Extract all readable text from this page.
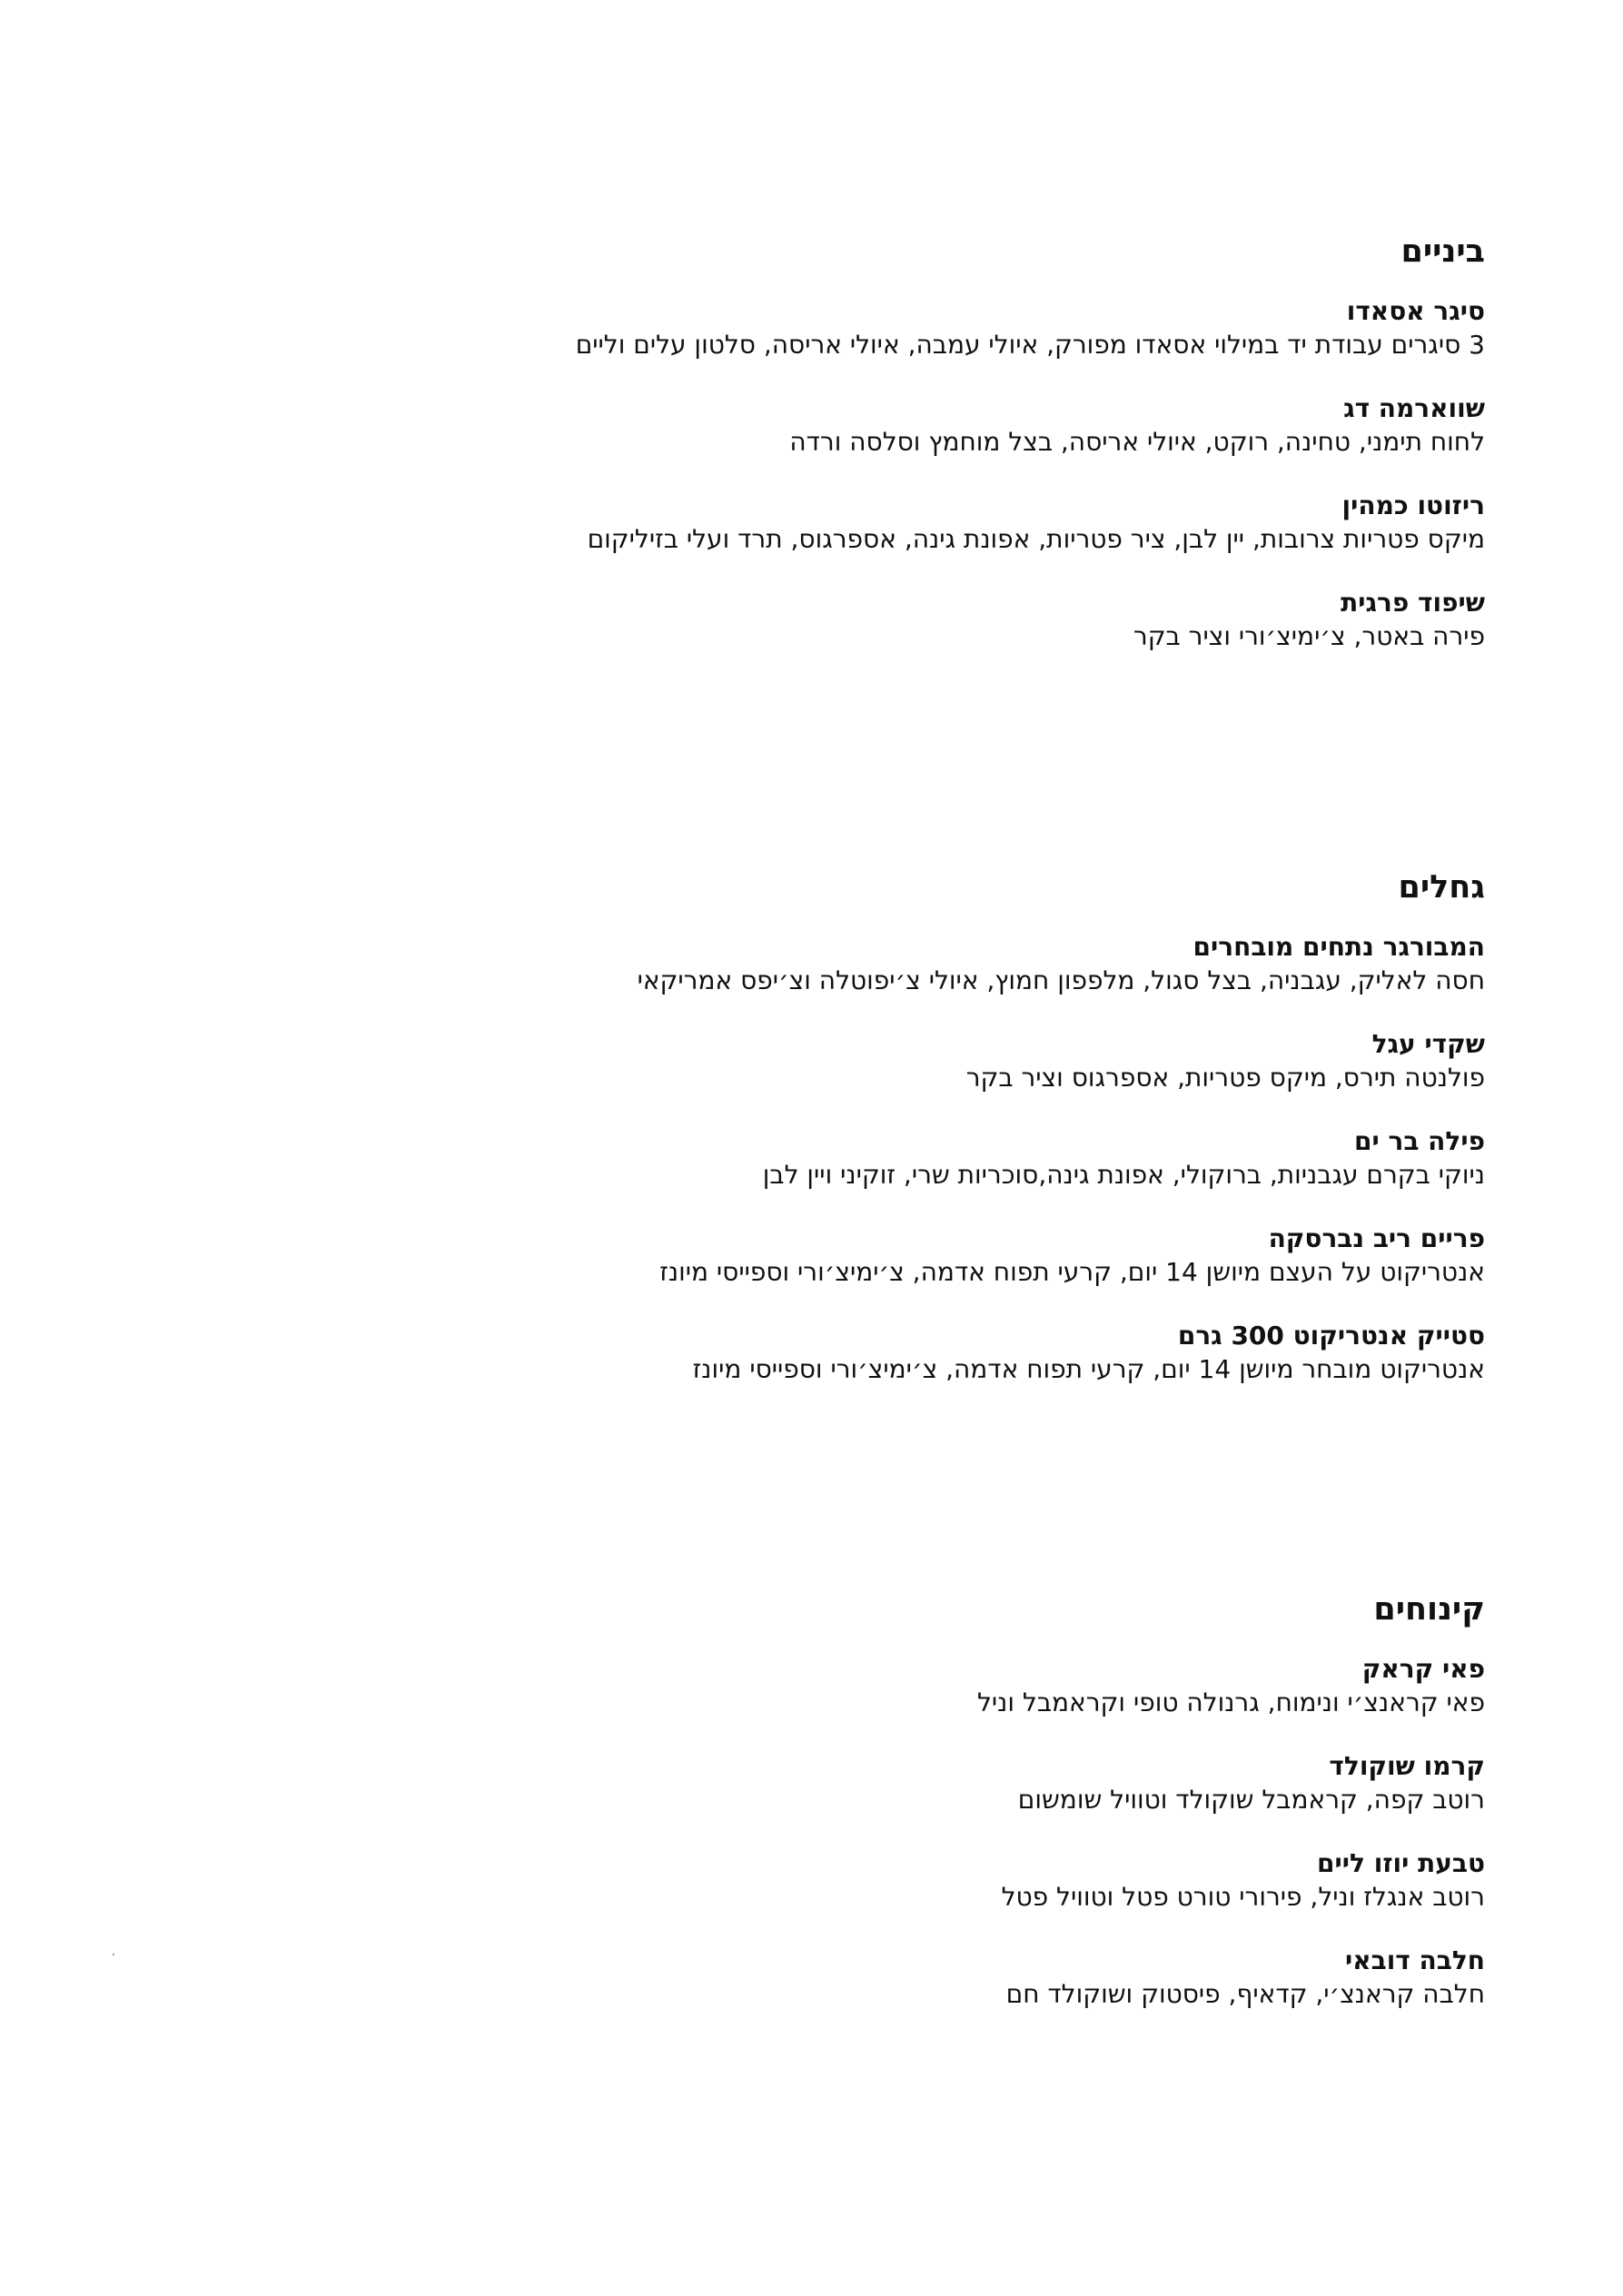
ביניים

סיגר אסאדו

3 סיגרים עבודת יד במילוי אסאדו מפורק, איולי עמבה, איולי אריסה, סלטון עלים וליים

שווארמה דג

לחוח תימני, טחינה, רוקט, איולי אריסה, בצל מוחמץ וסלסה ורדה

ריזוטו כמהין

מיקס פטריות צרובות, יין לבן, ציר פטריות, אפונת גינה, אספרגוס, תרד ועלי בזיליקום

שיפוד פרגית

פירה באטר, צ׳ימיצ׳ורי וציר בקר

גחלים

המבורגר נתחים מובחרים

חסה לאליק, עגבניה, בצל סגול, מלפפון חמוץ, איולי צ׳יפוטלה וצ׳יפס אמריקאי

שקדי עגל

פולנטה תירס, מיקס פטריות, אספרגוס וציר בקר

פילה בר ים

ניוקי בקרם עגבניות, ברוקולי, אפונת גינה,סוכריות שרי, זוקיני ויין לבן

פריים ריב נברסקה

אנטריקוט על העצם מיושן 14 יום, קרעי תפוח אדמה, צ׳ימיצ׳ורי וספייסי מיונז

סטייק אנטריקוט 300 גרם

אנטריקוט מובחר מיושן 14 יום, קרעי תפוח אדמה, צ׳ימיצ׳ורי וספייסי מיונז

קינוחים

פאי קראק

פאי קראנצ׳י ונימוח, גרנולה טופי וקראמבל וניל

קרמו שוקולד

רוטב קפה, קראמבל שוקולד וטוויל שומשום

טבעת יוזו ליים

רוטב אנגלז וניל, פירורי טורט פטל וטוויל פטל

חלבה דובאי

חלבה קראנצ׳י, קדאיף, פיסטוק ושוקולד חם
